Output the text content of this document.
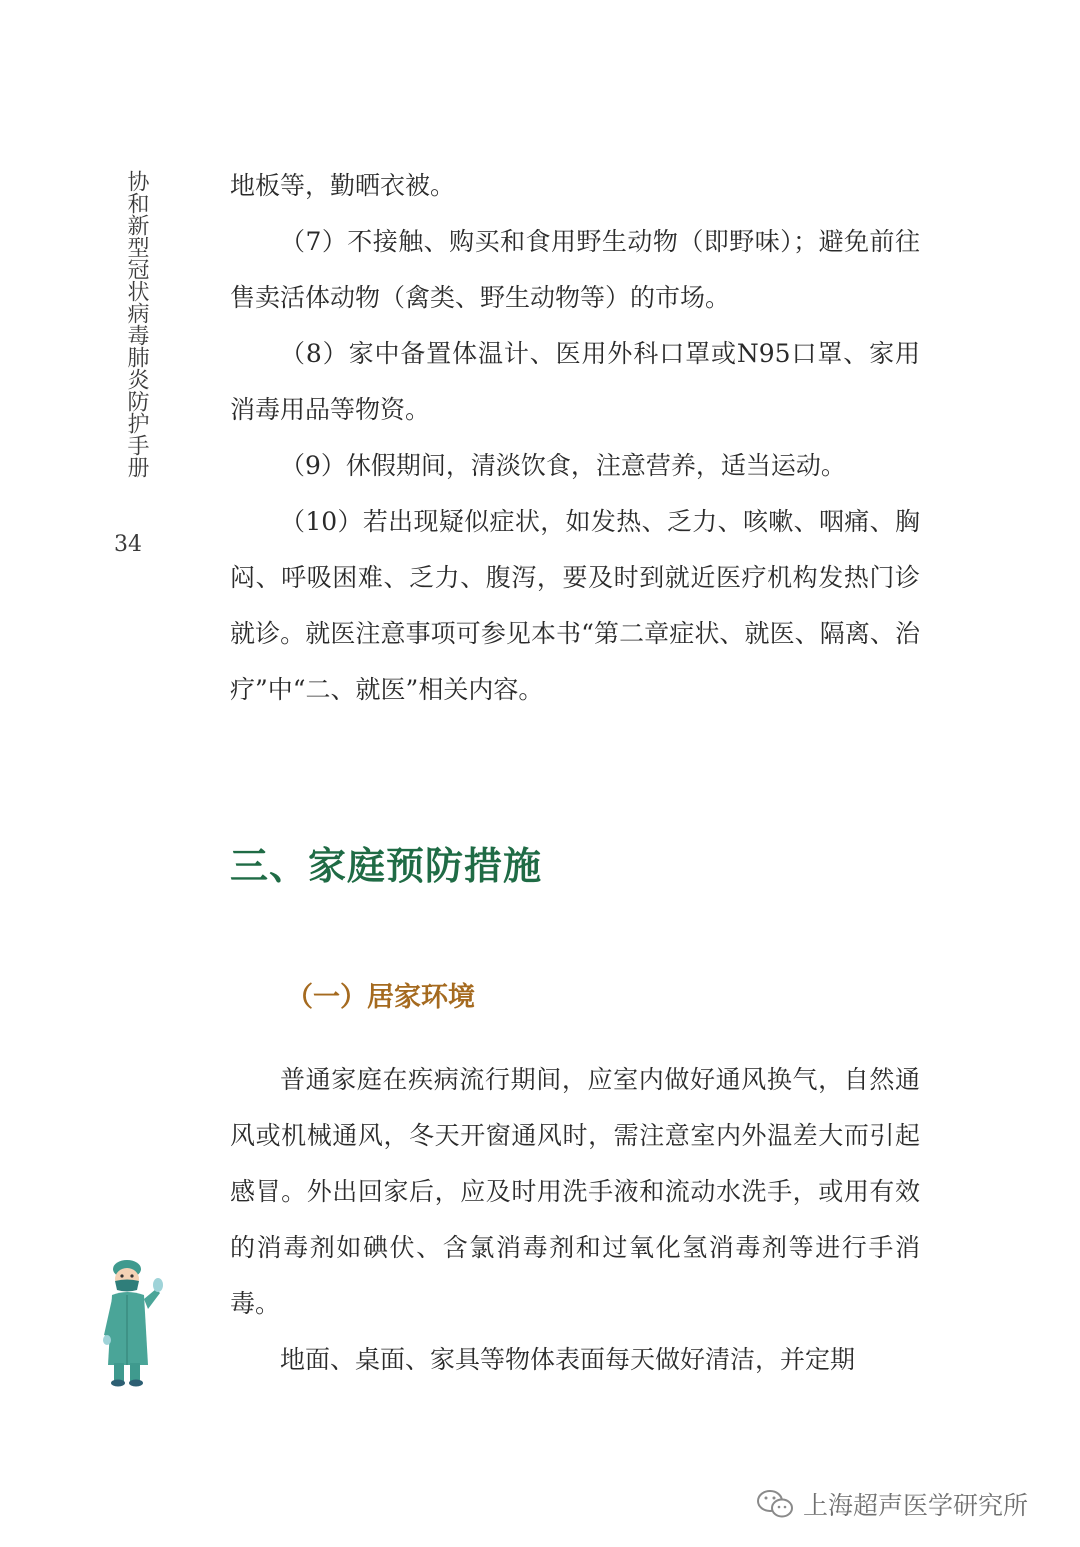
协和新型冠状病毒肺炎防护手册
34

地板等，勤晒衣被。

（7）不接触、购买和食用野生动物（即野味）；避免前往售卖活体动物（禽类、野生动物等）的市场。

（8）家中备置体温计、医用外科口罩或N95口罩、家用消毒用品等物资。

（9）休假期间，清淡饮食，注意营养，适当运动。

（10）若出现疑似症状，如发热、乏力、咳嗽、咽痛、胸闷、呼吸困难、乏力、腹泻，要及时到就近医疗机构发热门诊就诊。就医注意事项可参见本书“第二章症状、就医、隔离、治疗”中“二、就医”相关内容。

三、家庭预防措施
（一）居家环境

普通家庭在疾病流行期间，应室内做好通风换气，自然通风或机械通风，冬天开窗通风时，需注意室内外温差大而引起感冒。外出回家后，应及时用洗手液和流动水洗手，或用有效的消毒剂如碘伏、含氯消毒剂和过氧化氢消毒剂等进行手消毒。

地面、桌面、家具等物体表面每天做好清洁，并定期

上海超声医学研究所
